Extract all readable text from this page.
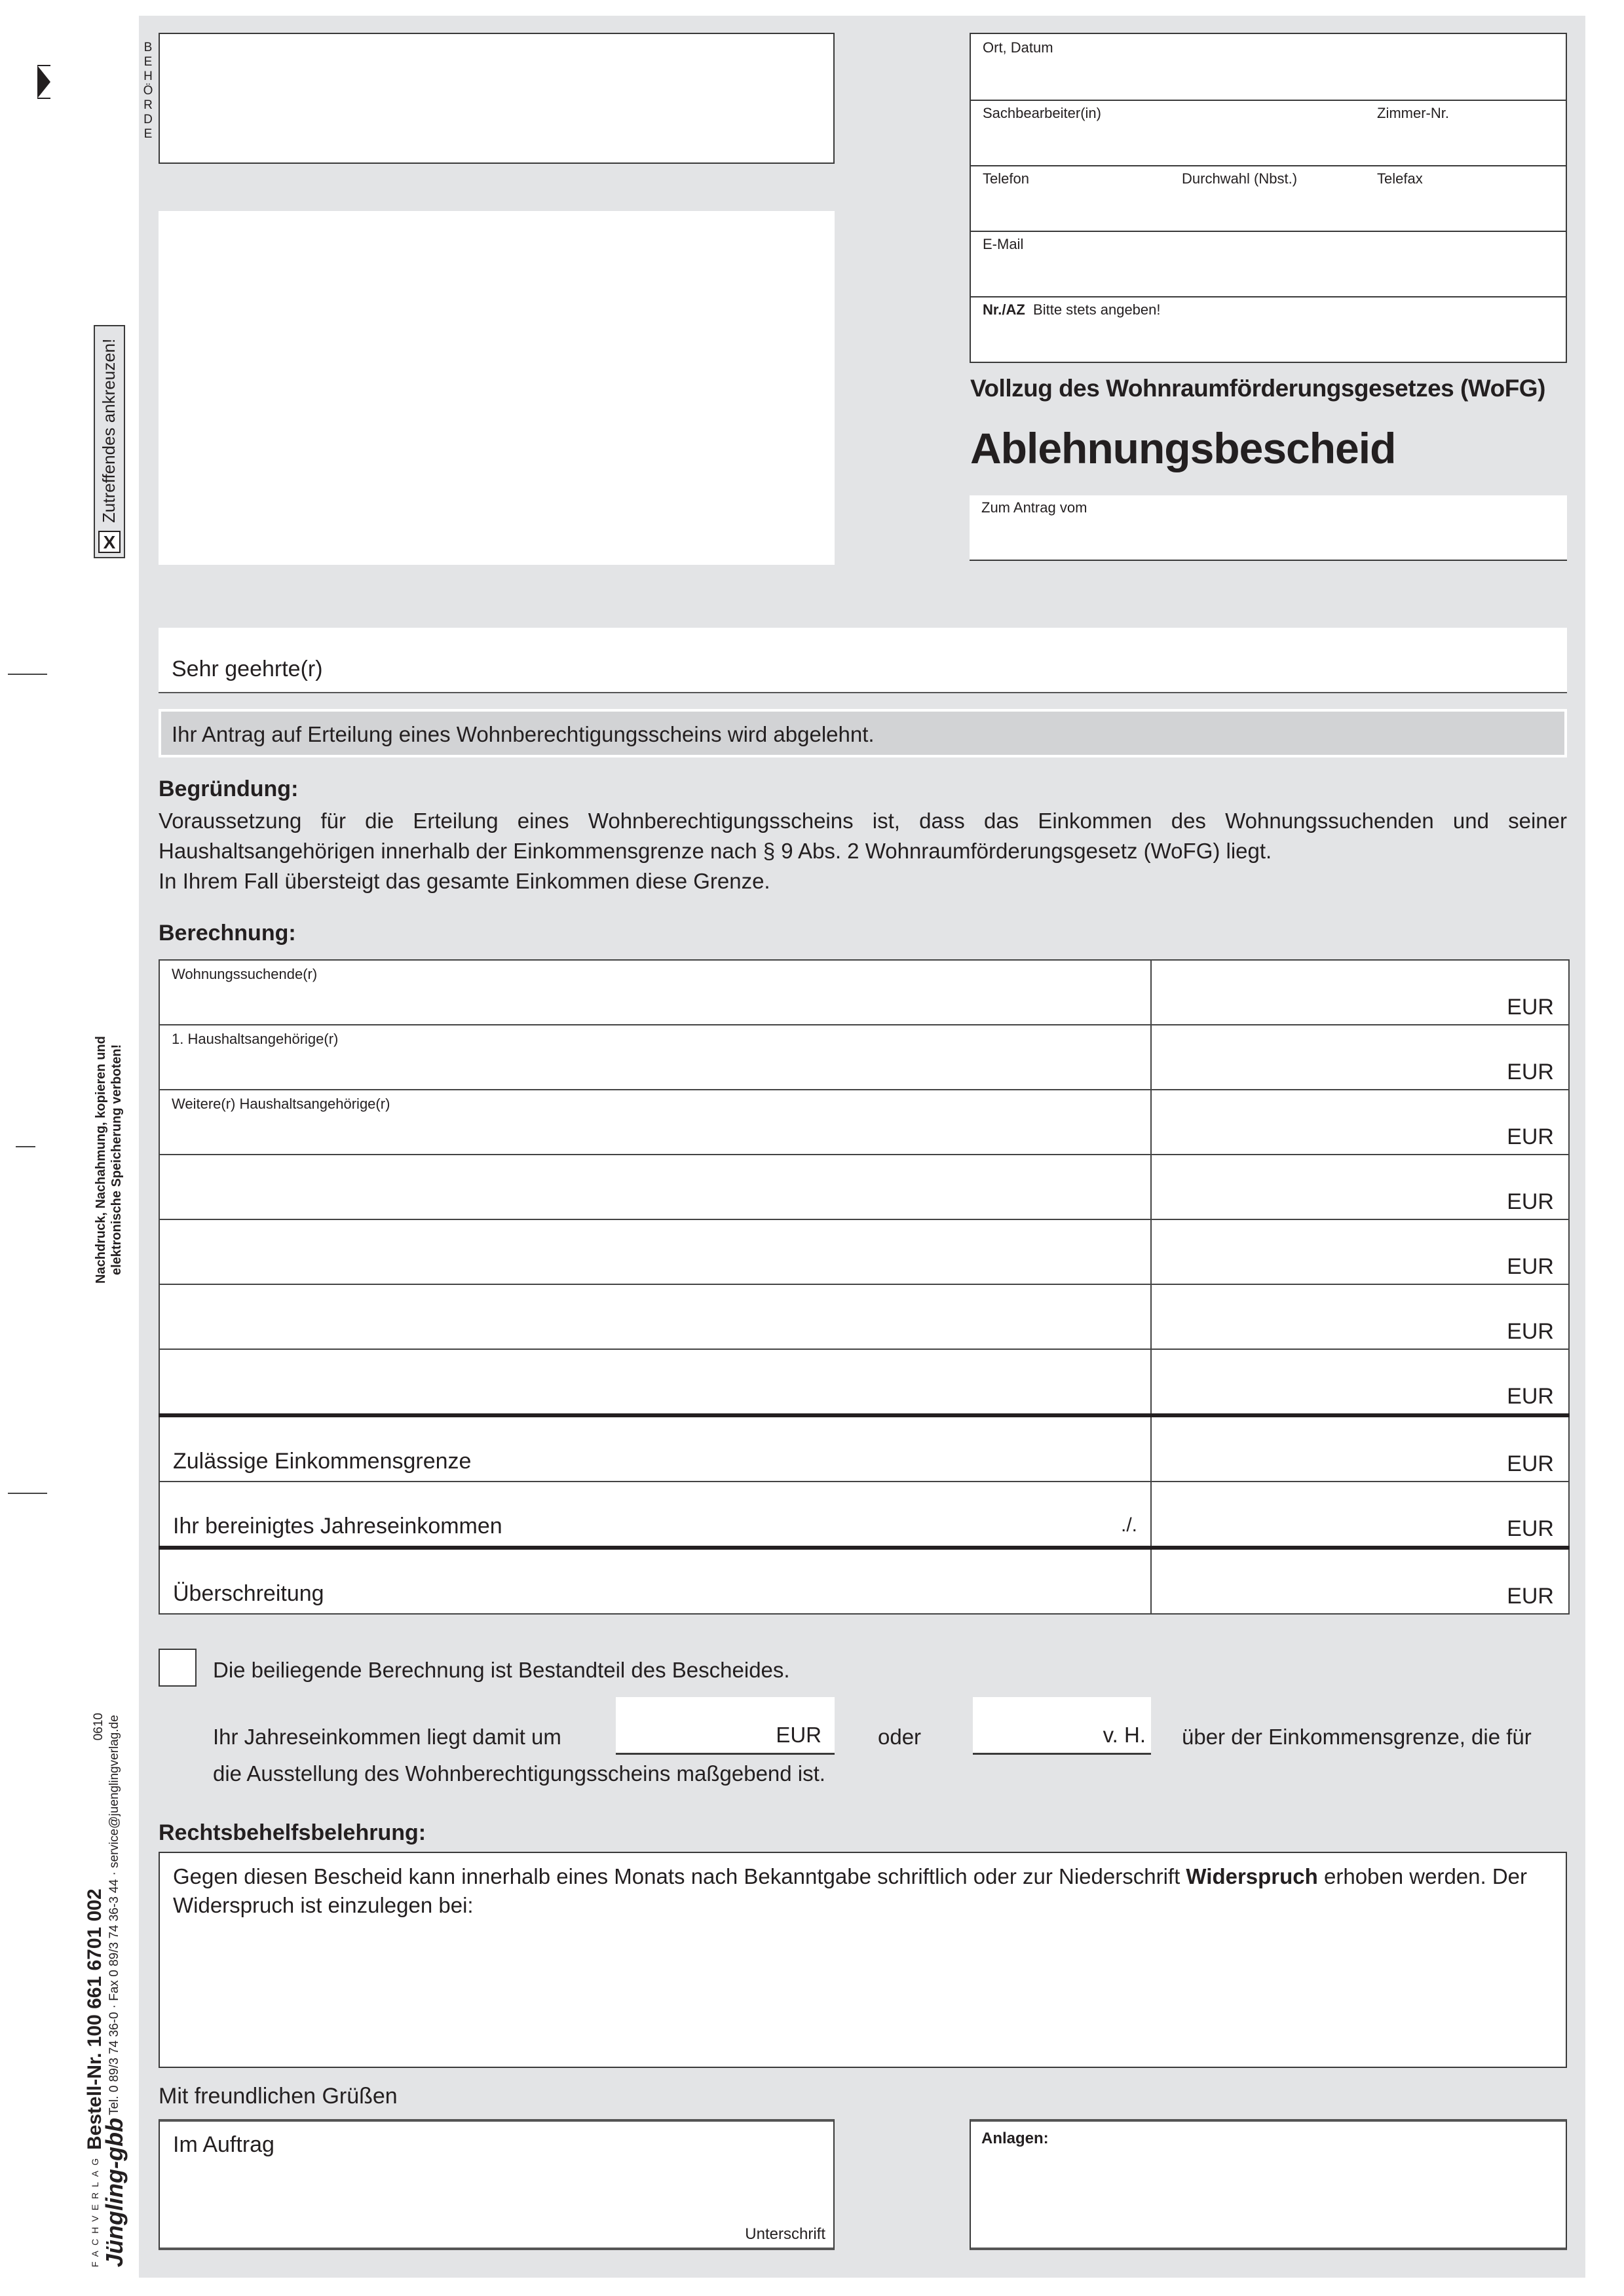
B
E
H
Ö
R
D
E
X
Zutreffendes ankreuzen!
Nachdruck, Nachahmung, kopieren und elektronische Speicherung verboten!
FACHVERLAG Bestell-Nr. 100 661 6701 002
Jüngling-gbb Tel. 0 89/3 74 36-0 · Fax 0 89/3 74 36-3 44 · service@juenglingverlag.de
0610
Ort, Datum
Sachbearbeiter(in)	Zimmer-Nr.
Telefon	Durchwahl (Nbst.)	Telefax
E-Mail
Nr./AZ Bitte stets angeben!
Vollzug des Wohnraumförderungsgesetzes (WoFG)
Ablehnungsbescheid
Zum Antrag vom
Sehr geehrte(r)
Ihr Antrag auf Erteilung eines Wohnberechtigungsscheins wird abgelehnt.
Begründung:
Voraussetzung für die Erteilung eines Wohnberechtigungsscheins ist, dass das Einkommen des Wohnungssuchenden und seiner Haushaltsangehörigen innerhalb der Einkommensgrenze nach § 9 Abs. 2 Wohnraumförderungsgesetz (WoFG) liegt.
In Ihrem Fall übersteigt das gesamte Einkommen diese Grenze.
Berechnung:
Wohnungssuchende(r)	EUR

1. Haushaltsangehörige(r)	EUR

Weitere(r) Haushaltsangehörige(r)	EUR

	EUR

	EUR

	EUR

	EUR

Zulässige Einkommensgrenze	EUR

Ihr bereinigtes Jahreseinkommen ./.	EUR

Überschreitung	EUR
Die beiliegende Berechnung ist Bestandteil des Bescheides.
Ihr Jahreseinkommen liegt damit um	EUR	oder	v. H. über der Einkommensgrenze, die für
die Ausstellung des Wohnberechtigungsscheins maßgebend ist.
Rechtsbehelfsbelehrung:
Gegen diesen Bescheid kann innerhalb eines Monats nach Bekanntgabe schriftlich oder zur Niederschrift Widerspruch erhoben werden. Der Widerspruch ist einzulegen bei:
Mit freundlichen Grüßen
Im Auftrag
Unterschrift
Anlagen:
